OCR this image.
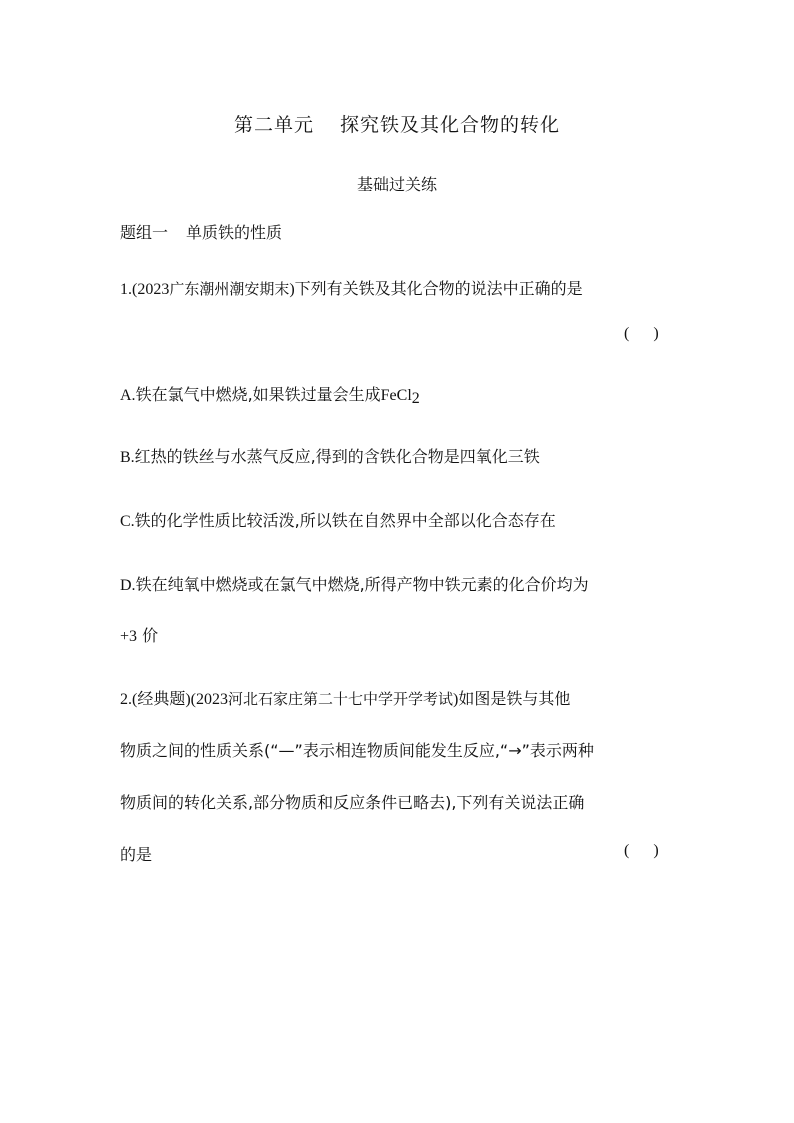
第二单元 探究铁及其化合物的转化
基础过关练
题组一 单质铁的性质
1.(2023广东潮州潮安期末)下列有关铁及其化合物的说法中正确的是
(      )
A.铁在氯气中燃烧,如果铁过量会生成FeCl$_2$
B.红热的铁丝与水蒸气反应,得到的含铁化合物是四氧化三铁
C.铁的化学性质比较活泼,所以铁在自然界中全部以化合态存在
D.铁在纯氧中燃烧或在氯气中燃烧,所得产物中铁元素的化合价均为
+3 价
2.(经典题)(2023河北石家庄第二十七中学开学考试)如图是铁与其他
物质之间的性质关系(“—”表示相连物质间能发生反应,“→”表示两种
物质间的转化关系,部分物质和反应条件已略去),下列有关说法正确
的是	(      )
